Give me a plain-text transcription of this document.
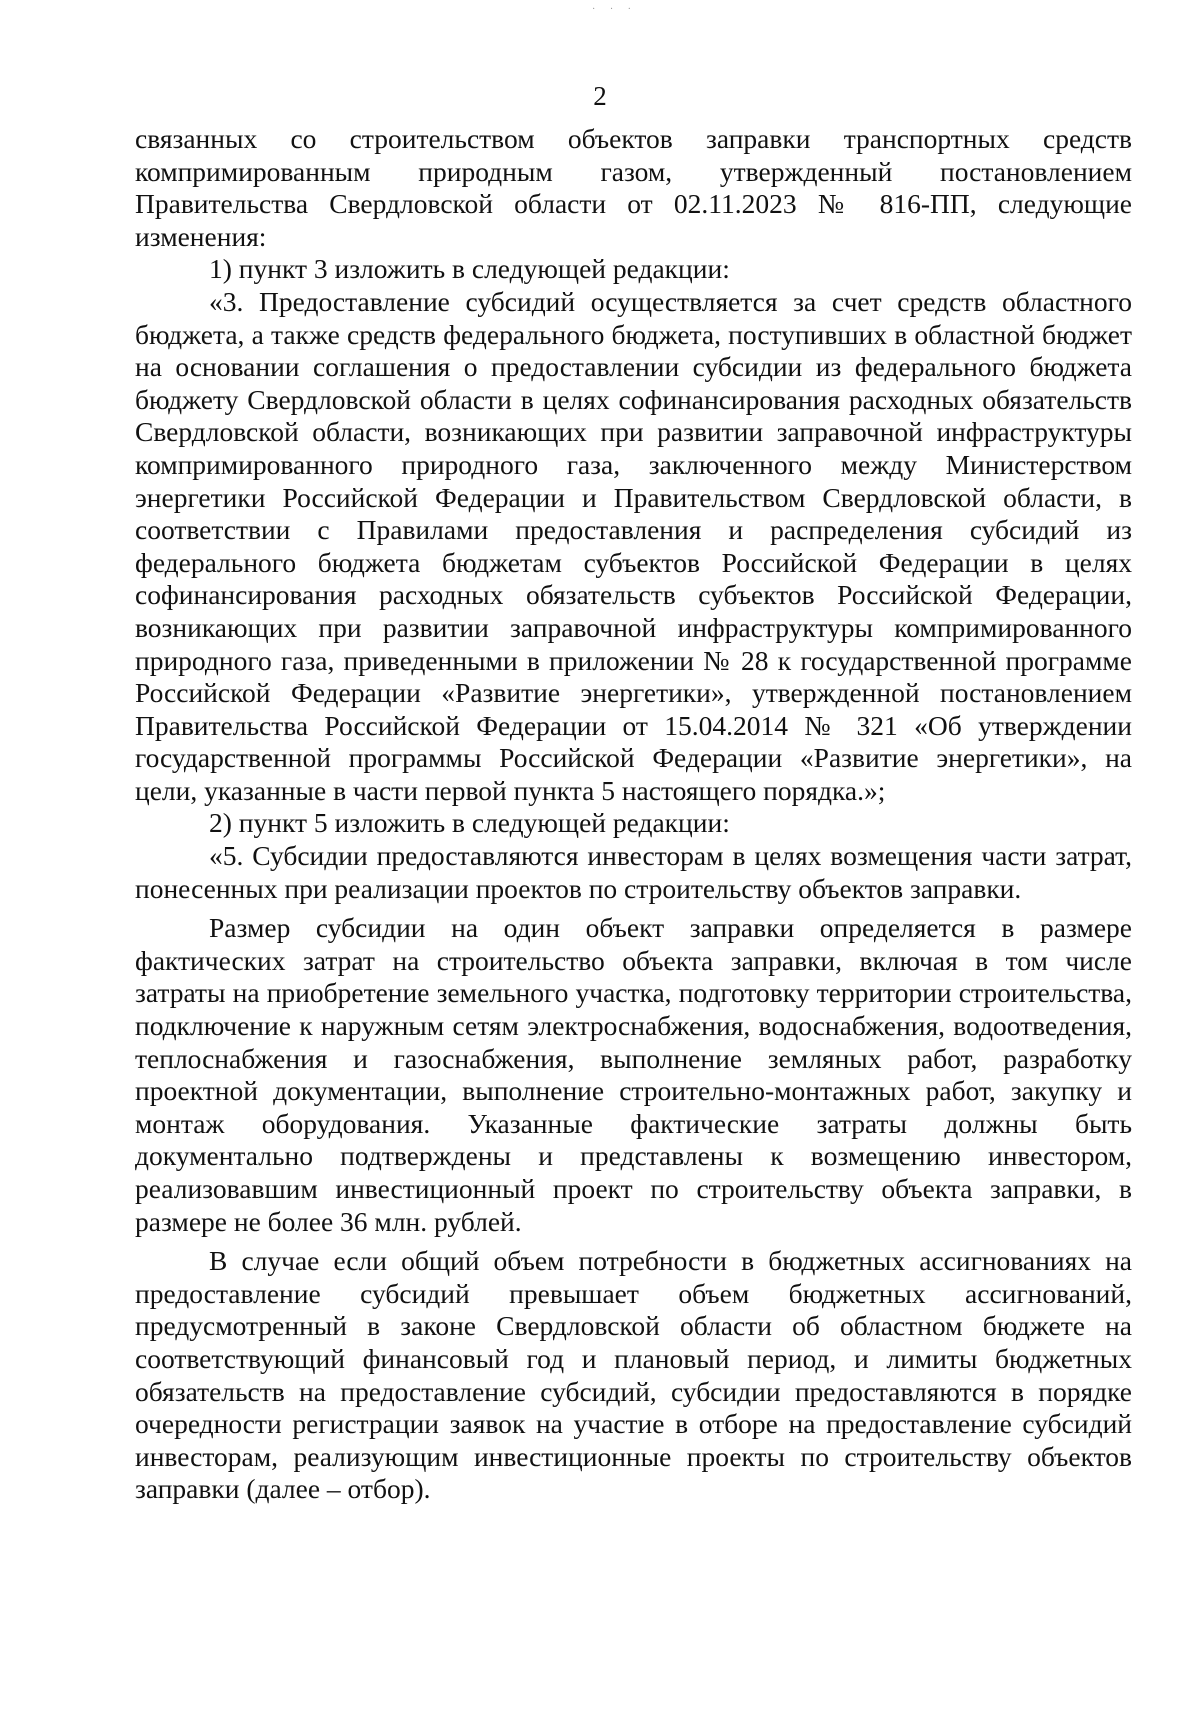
· · ·
2

связанных со строительством объектов заправки транспортных средств компримированным природным газом, утвержденный постановлением Правительства Свердловской области от 02.11.2023 № 816-ПП, следующие изменения:

1) пункт 3 изложить в следующей редакции:

«3. Предоставление субсидий осуществляется за счет средств областного бюджета, а также средств федерального бюджета, поступивших в областной бюджет на основании соглашения о предоставлении субсидии из федерального бюджета бюджету Свердловской области в целях софинансирования расходных обязательств Свердловской области, возникающих при развитии заправочной инфраструктуры компримированного природного газа, заключенного между Министерством энергетики Российской Федерации и Правительством Свердловской области, в соответствии с Правилами предоставления и распределения субсидий из федерального бюджета бюджетам субъектов Российской Федерации в целях софинансирования расходных обязательств субъектов Российской Федерации, возникающих при развитии заправочной инфраструктуры компримированного природного газа, приведенными в приложении № 28 к государственной программе Российской Федерации «Развитие энергетики», утвержденной постановлением Правительства Российской Федерации от 15.04.2014 № 321 «Об утверждении государственной программы Российской Федерации «Развитие энергетики», на цели, указанные в части первой пункта 5 настоящего порядка.»;

2) пункт 5 изложить в следующей редакции:

«5. Субсидии предоставляются инвесторам в целях возмещения части затрат, понесенных при реализации проектов по строительству объектов заправки.

Размер субсидии на один объект заправки определяется в размере фактических затрат на строительство объекта заправки, включая в том числе затраты на приобретение земельного участка, подготовку территории строительства, подключение к наружным сетям электроснабжения, водоснабжения, водоотведения, теплоснабжения и газоснабжения, выполнение земляных работ, разработку проектной документации, выполнение строительно-монтажных работ, закупку и монтаж оборудования. Указанные фактические затраты должны быть документально подтверждены и представлены к возмещению инвестором, реализовавшим инвестиционный проект по строительству объекта заправки, в размере не более 36 млн. рублей.

В случае если общий объем потребности в бюджетных ассигнованиях на предоставление субсидий превышает объем бюджетных ассигнований, предусмотренный в законе Свердловской области об областном бюджете на соответствующий финансовый год и плановый период, и лимиты бюджетных обязательств на предоставление субсидий, субсидии предоставляются в порядке очередности регистрации заявок на участие в отборе на предоставление субсидий инвесторам, реализующим инвестиционные проекты по строительству объектов заправки (далее – отбор).
